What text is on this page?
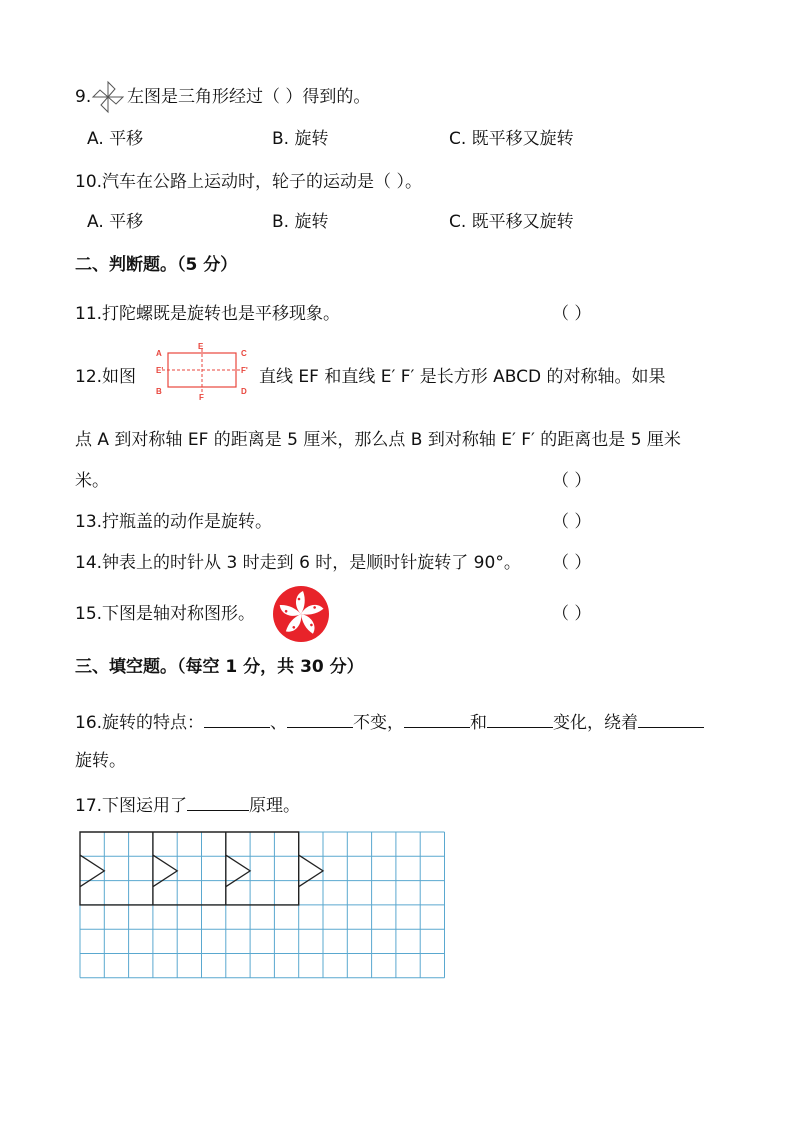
9. 左图是三角形经过（ ）得到的。
A. 平移	B. 旋转	C. 既平移又旋转
10.汽车在公路上运动时，轮子的运动是（ ）。
A. 平移	B. 旋转	C. 既平移又旋转
二、判断题。（5 分）
11.打陀螺既是旋转也是平移现象。	（ ）
12.如图
A
E'
B
E
F
C
F'
D
直线 EF 和直线 E′ F′ 是长方形 ABCD 的对称轴。如果
点 A 到对称轴 EF 的距离是 5 厘米，那么点 B 到对称轴 E′ F′ 的距离也是 5 厘米
米。	（ ）
13.拧瓶盖的动作是旋转。	（ ）
14.钟表上的时针从 3 时走到 6 时，是顺时针旋转了 90°。 （ ）
15.下图是轴对称图形。	（ ）
三、填空题。（每空 1 分，共 30 分）
16.旋转的特点：	、	不变，	和	变化，绕着
旋转。
17.下图运用了	原理。
